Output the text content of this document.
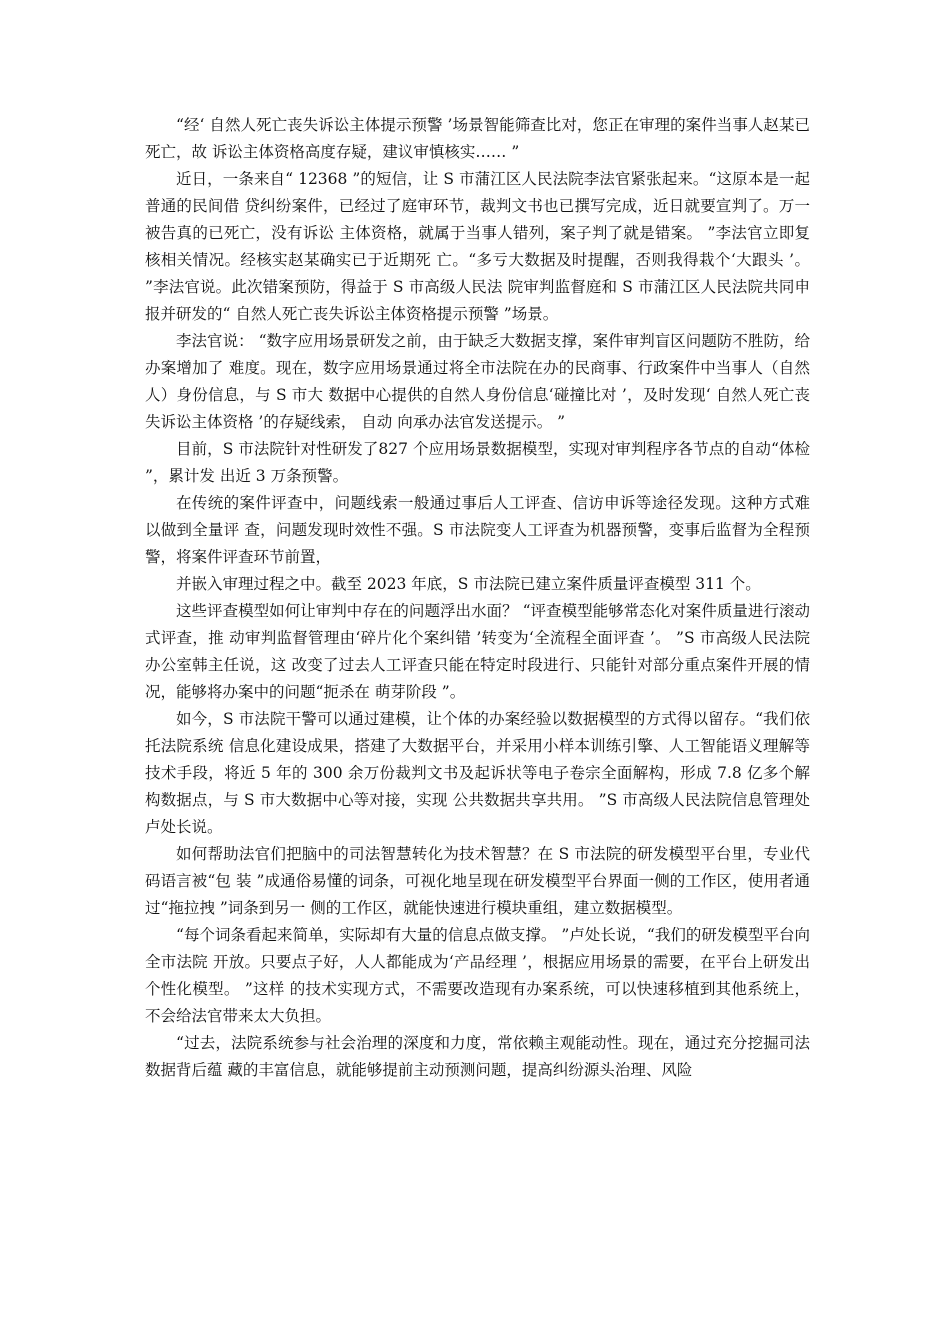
“经‘ 自然人死亡丧失诉讼主体提示预警 ’场景智能筛查比对，您正在审理的案件当事人赵某已死亡，故 诉讼主体资格高度存疑，建议审慎核实…… ”

近日，一条来自“ 12368 ”的短信，让 S 市蒲江区人民法院李法官紧张起来。“这原本是一起普通的民间借 贷纠纷案件，已经过了庭审环节，裁判文书也已撰写完成，近日就要宣判了。万一被告真的已死亡，没有诉讼 主体资格，就属于当事人错列，案子判了就是错案。 ”李法官立即复核相关情况。经核实赵某确实已于近期死 亡。“多亏大数据及时提醒，否则我得栽个‘大跟头 ’。 ”李法官说。此次错案预防，得益于 S 市高级人民法 院审判监督庭和 S 市蒲江区人民法院共同申报并研发的“ 自然人死亡丧失诉讼主体资格提示预警 ”场景。

李法官说： “数字应用场景研发之前，由于缺乏大数据支撑，案件审判盲区问题防不胜防，给办案增加了 难度。现在，数字应用场景通过将全市法院在办的民商事、行政案件中当事人（自然人）身份信息，与 S 市大 数据中心提供的自然人身份信息‘碰撞比对 ’，及时发现‘ 自然人死亡丧失诉讼主体资格 ’的存疑线索， 自动 向承办法官发送提示。 ”

目前，S 市法院针对性研发了827 个应用场景数据模型，实现对审判程序各节点的自动“体检 ”，累计发 出近 3 万条预警。

在传统的案件评查中，问题线索一般通过事后人工评查、信访申诉等途径发现。这种方式难以做到全量评 查，问题发现时效性不强。S 市法院变人工评查为机器预警，变事后监督为全程预警，将案件评查环节前置，

并嵌入审理过程之中。截至 2023 年底，S 市法院已建立案件质量评查模型 311 个。

这些评查模型如何让审判中存在的问题浮出水面？ “评查模型能够常态化对案件质量进行滚动式评查，推 动审判监督管理由‘碎片化个案纠错 ’转变为‘全流程全面评查 ’。 ”S 市高级人民法院办公室韩主任说，这 改变了过去人工评查只能在特定时段进行、只能针对部分重点案件开展的情况，能够将办案中的问题“扼杀在 萌芽阶段 ”。

如今，S 市法院干警可以通过建模，让个体的办案经验以数据模型的方式得以留存。“我们依托法院系统 信息化建设成果，搭建了大数据平台，并采用小样本训练引擎、人工智能语义理解等技术手段，将近 5 年的 300 余万份裁判文书及起诉状等电子卷宗全面解构，形成 7.8 亿多个解构数据点，与 S 市大数据中心等对接，实现 公共数据共享共用。 ”S 市高级人民法院信息管理处卢处长说。

如何帮助法官们把脑中的司法智慧转化为技术智慧？在 S 市法院的研发模型平台里，专业代码语言被“包 装 ”成通俗易懂的词条，可视化地呈现在研发模型平台界面一侧的工作区，使用者通过“拖拉拽 ”词条到另一 侧的工作区，就能快速进行模块重组，建立数据模型。

“每个词条看起来简单，实际却有大量的信息点做支撑。 ”卢处长说，“我们的研发模型平台向全市法院 开放。只要点子好，人人都能成为‘产品经理 ’，根据应用场景的需要，在平台上研发出个性化模型。 ”这样 的技术实现方式，不需要改造现有办案系统，可以快速移植到其他系统上，不会给法官带来太大负担。

“过去，法院系统参与社会治理的深度和力度，常依赖主观能动性。现在，通过充分挖掘司法数据背后蕴 藏的丰富信息，就能够提前主动预测问题，提高纠纷源头治理、风险
